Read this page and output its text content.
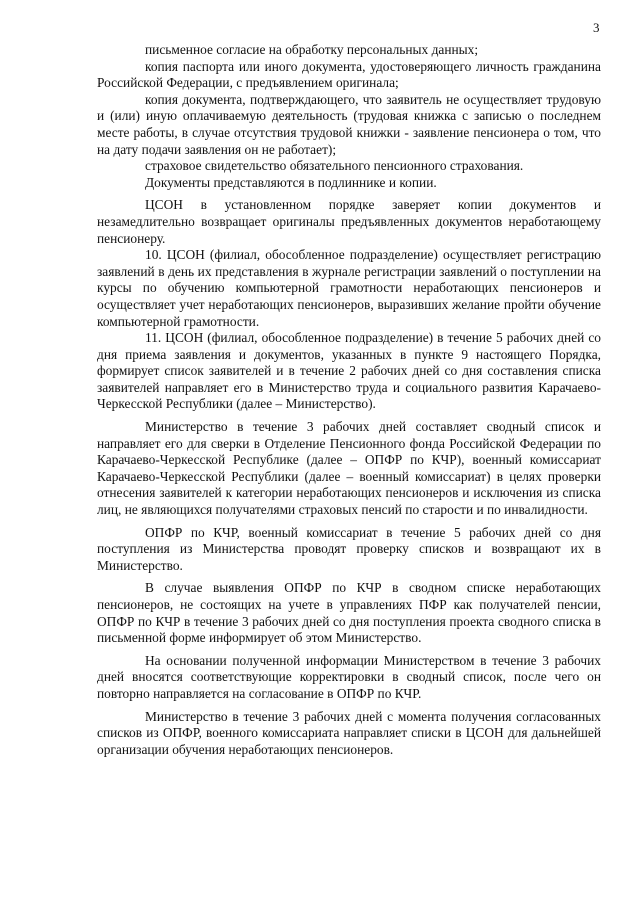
3

письменное согласие на обработку персональных данных;

копия паспорта или иного документа, удостоверяющего личность гражданина Российской Федерации, с предъявлением оригинала;

копия документа, подтверждающего, что заявитель не осуществляет трудовую и (или) иную оплачиваемую деятельность (трудовая книжка с записью о последнем месте работы, в случае отсутствия трудовой книжки - заявление пенсионера о том, что на дату подачи заявления он не работает);

страховое свидетельство обязательного пенсионного страхования.

Документы представляются в подлиннике и копии.

ЦСОН в установленном порядке заверяет копии документов и незамедлительно возвращает оригиналы предъявленных документов неработающему пенсионеру.

10. ЦСОН (филиал, обособленное подразделение) осуществляет регистрацию заявлений в день их представления в журнале регистрации заявлений о поступлении на курсы по обучению компьютерной грамотности неработающих пенсионеров и осуществляет учет неработающих пенсионеров, выразивших желание пройти обучение компьютерной грамотности.

11. ЦСОН (филиал, обособленное подразделение) в течение 5 рабочих дней со дня приема заявления и документов, указанных в пункте 9 настоящего Порядка, формирует список заявителей и в течение 2 рабочих дней со дня составления списка заявителей направляет его в Министерство труда и социального развития Карачаево-Черкесской Республики (далее – Министерство).

Министерство в течение 3 рабочих дней составляет сводный список и направляет его для сверки в Отделение Пенсионного фонда Российской Федерации по Карачаево-Черкесской Республике (далее – ОПФР по КЧР), военный комиссариат Карачаево-Черкесской Республики (далее – военный комиссариат) в целях проверки отнесения заявителей к категории неработающих пенсионеров и исключения из списка лиц, не являющихся получателями страховых пенсий по старости и по инвалидности.

ОПФР по КЧР, военный комиссариат в течение 5 рабочих дней со дня поступления из Министерства проводят проверку списков и возвращают их в Министерство.

В случае выявления ОПФР по КЧР в сводном списке неработающих пенсионеров, не состоящих на учете в управлениях ПФР как получателей пенсии, ОПФР по КЧР в течение 3 рабочих дней со дня поступления проекта сводного списка в письменной форме информирует об этом Министерство.

На основании полученной информации Министерством в течение 3 рабочих дней вносятся соответствующие корректировки в сводный список, после чего он повторно направляется на согласование в ОПФР по КЧР.

Министерство в течение 3 рабочих дней с момента получения согласованных списков из ОПФР, военного комиссариата направляет списки в ЦСОН для дальнейшей организации обучения неработающих пенсионеров.
